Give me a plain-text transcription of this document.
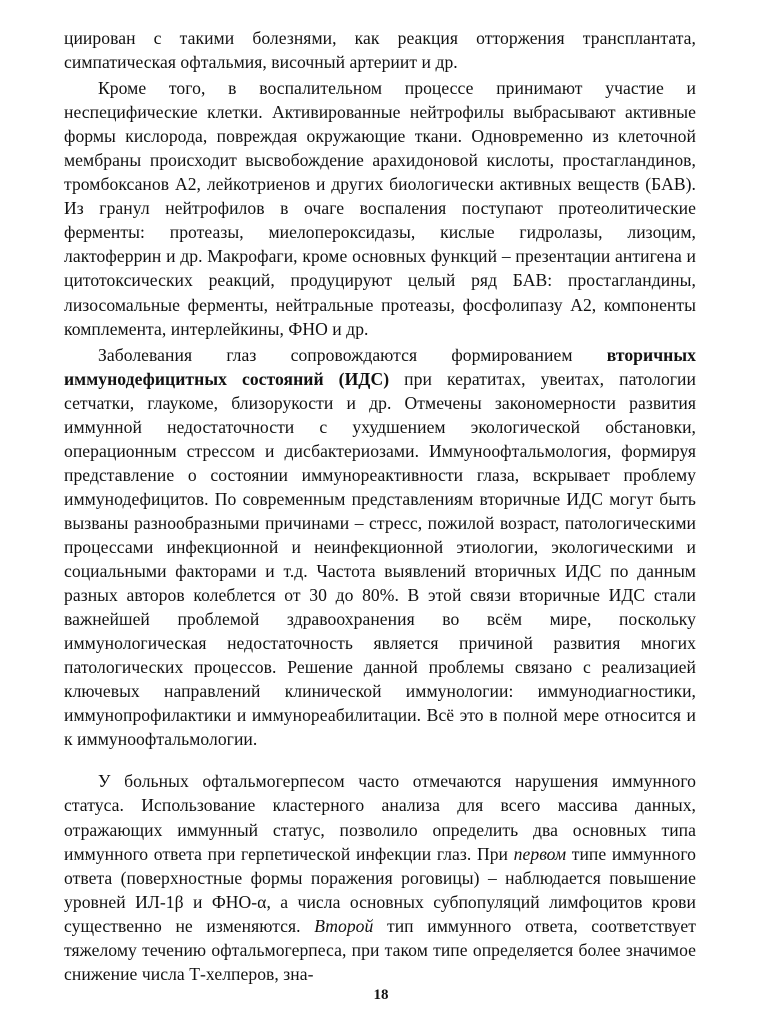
циирован с такими болезнями, как реакция отторжения трансплантата, симпатическая офтальмия, височный артериит и др.

Кроме того, в воспалительном процессе принимают участие и неспецифические клетки. Активированные нейтрофилы выбрасывают активные формы кислорода, повреждая окружающие ткани. Одновременно из клеточной мембраны происходит высвобождение арахидоновой кислоты, простагландинов, тромбоксанов А2, лейкотриенов и других биологически активных веществ (БАВ). Из гранул нейтрофилов в очаге воспаления поступают протеолитические ферменты: протеазы, миелопероксидазы, кислые гидролазы, лизоцим, лактоферрин и др. Макрофаги, кроме основных функций – презентации антигена и цитотоксических реакций, продуцируют целый ряд БАВ: простагландины, лизосомальные ферменты, нейтральные протеазы, фосфолипазу А2, компоненты комплемента, интерлейкины, ФНО и др.

Заболевания глаз сопровождаются формированием вторичных иммунодефицитных состояний (ИДС) при кератитах, увеитах, патологии сетчатки, глаукоме, близорукости и др. Отмечены закономерности развития иммунной недостаточности с ухудшением экологической обстановки, операционным стрессом и дисбактериозами. Иммуноофтальмология, формируя представление о состоянии иммунореактивности глаза, вскрывает проблему иммунодефицитов. По современным представлениям вторичные ИДС могут быть вызваны разнообразными причинами – стресс, пожилой возраст, патологическими процессами инфекционной и неинфекционной этиологии, экологическими и социальными факторами и т.д. Частота выявлений вторичных ИДС по данным разных авторов колеблется от 30 до 80%. В этой связи вторичные ИДС стали важнейшей проблемой здравоохранения во всём мире, поскольку иммунологическая недостаточность является причиной развития многих патологических процессов. Решение данной проблемы связано с реализацией ключевых направлений клинической иммунологии: иммунодиагностики, иммунопрофилактики и иммунореабилитации. Всё это в полной мере относится и к иммуноофтальмологии.

У больных офтальмогерпесом часто отмечаются нарушения иммунного статуса. Использование кластерного анализа для всего массива данных, отражающих иммунный статус, позволило определить два основных типа иммунного ответа при герпетической инфекции глаз. При первом типе иммунного ответа (поверхностные формы поражения роговицы) – наблюдается повышение уровней ИЛ-1β и ФНО-α, а числа основных субпопуляций лимфоцитов крови существенно не изменяются. Второй тип иммунного ответа, соответствует тяжелому течению офтальмогерпеса, при таком типе определяется более значимое снижение числа Т-хелперов, зна-

18
